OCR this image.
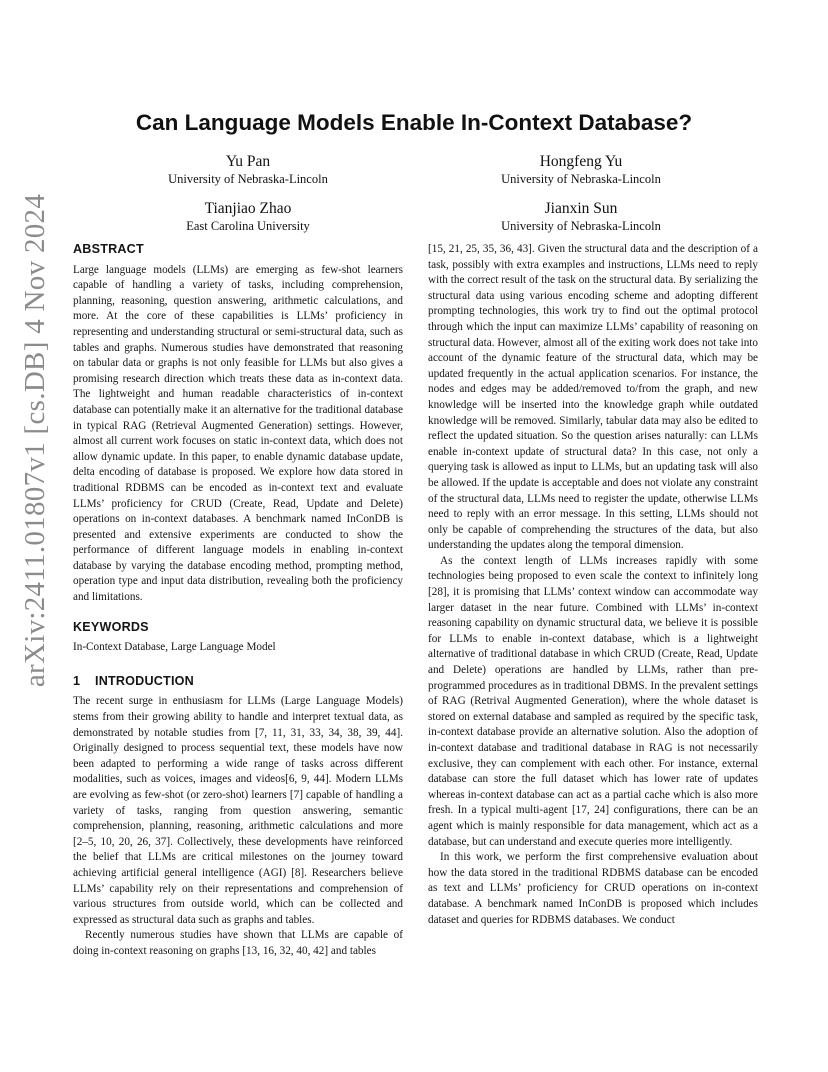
arXiv:2411.01807v1 [cs.DB] 4 Nov 2024
Can Language Models Enable In-Context Database?
Yu Pan
University of Nebraska-Lincoln
Hongfeng Yu
University of Nebraska-Lincoln
Tianjiao Zhao
East Carolina University
Jianxin Sun
University of Nebraska-Lincoln
ABSTRACT

Large language models (LLMs) are emerging as few-shot learners capable of handling a variety of tasks, including comprehension, planning, reasoning, question answering, arithmetic calculations, and more. At the core of these capabilities is LLMs’ proficiency in representing and understanding structural or semi-structural data, such as tables and graphs. Numerous studies have demonstrated that reasoning on tabular data or graphs is not only feasible for LLMs but also gives a promising research direction which treats these data as in-context data. The lightweight and human readable characteristics of in-context database can potentially make it an alternative for the traditional database in typical RAG (Retrieval Augmented Generation) settings. However, almost all current work focuses on static in-context data, which does not allow dynamic update. In this paper, to enable dynamic database update, delta encoding of database is proposed. We explore how data stored in traditional RDBMS can be encoded as in-context text and evaluate LLMs’ proficiency for CRUD (Create, Read, Update and Delete) operations on in-context databases. A benchmark named InConDB is presented and extensive experiments are conducted to show the performance of different language models in enabling in-context database by varying the database encoding method, prompting method, operation type and input data distribution, revealing both the proficiency and limitations.

KEYWORDS

In-Context Database, Large Language Model

1 INTRODUCTION

The recent surge in enthusiasm for LLMs (Large Language Models) stems from their growing ability to handle and interpret textual data, as demonstrated by notable studies from [7, 11, 31, 33, 34, 38, 39, 44]. Originally designed to process sequential text, these models have now been adapted to performing a wide range of tasks across different modalities, such as voices, images and videos[6, 9, 44]. Modern LLMs are evolving as few-shot (or zero-shot) learners [7] capable of handling a variety of tasks, ranging from question answering, semantic comprehension, planning, reasoning, arithmetic calculations and more [2–5, 10, 20, 26, 37]. Collectively, these developments have reinforced the belief that LLMs are critical milestones on the journey toward achieving artificial general intelligence (AGI) [8]. Researchers believe LLMs’ capability rely on their representations and comprehension of various structures from outside world, which can be collected and expressed as structural data such as graphs and tables.

Recently numerous studies have shown that LLMs are capable of doing in-context reasoning on graphs [13, 16, 32, 40, 42] and tables

[15, 21, 25, 35, 36, 43]. Given the structural data and the description of a task, possibly with extra examples and instructions, LLMs need to reply with the correct result of the task on the structural data. By serializing the structural data using various encoding scheme and adopting different prompting technologies, this work try to find out the optimal protocol through which the input can maximize LLMs’ capability of reasoning on structural data. However, almost all of the exiting work does not take into account of the dynamic feature of the structural data, which may be updated frequently in the actual application scenarios. For instance, the nodes and edges may be added/removed to/from the graph, and new knowledge will be inserted into the knowledge graph while outdated knowledge will be removed. Similarly, tabular data may also be edited to reflect the updated situation. So the question arises naturally: can LLMs enable in-context update of structural data? In this case, not only a querying task is allowed as input to LLMs, but an updating task will also be allowed. If the update is acceptable and does not violate any constraint of the structural data, LLMs need to register the update, otherwise LLMs need to reply with an error message. In this setting, LLMs should not only be capable of comprehending the structures of the data, but also understanding the updates along the temporal dimension.

As the context length of LLMs increases rapidly with some technologies being proposed to even scale the context to infinitely long [28], it is promising that LLMs’ context window can accommodate way larger dataset in the near future. Combined with LLMs’ in-context reasoning capability on dynamic structural data, we believe it is possible for LLMs to enable in-context database, which is a lightweight alternative of traditional database in which CRUD (Create, Read, Update and Delete) operations are handled by LLMs, rather than pre-programmed procedures as in traditional DBMS. In the prevalent settings of RAG (Retrival Augmented Generation), where the whole dataset is stored on external database and sampled as required by the specific task, in-context database provide an alternative solution. Also the adoption of in-context database and traditional database in RAG is not necessarily exclusive, they can complement with each other. For instance, external database can store the full dataset which has lower rate of updates whereas in-context database can act as a partial cache which is also more fresh. In a typical multi-agent [17, 24] configurations, there can be an agent which is mainly responsible for data management, which act as a database, but can understand and execute queries more intelligently.

In this work, we perform the first comprehensive evaluation about how the data stored in the traditional RDBMS database can be encoded as text and LLMs’ proficiency for CRUD operations on in-context database. A benchmark named InConDB is proposed which includes dataset and queries for RDBMS databases. We conduct
